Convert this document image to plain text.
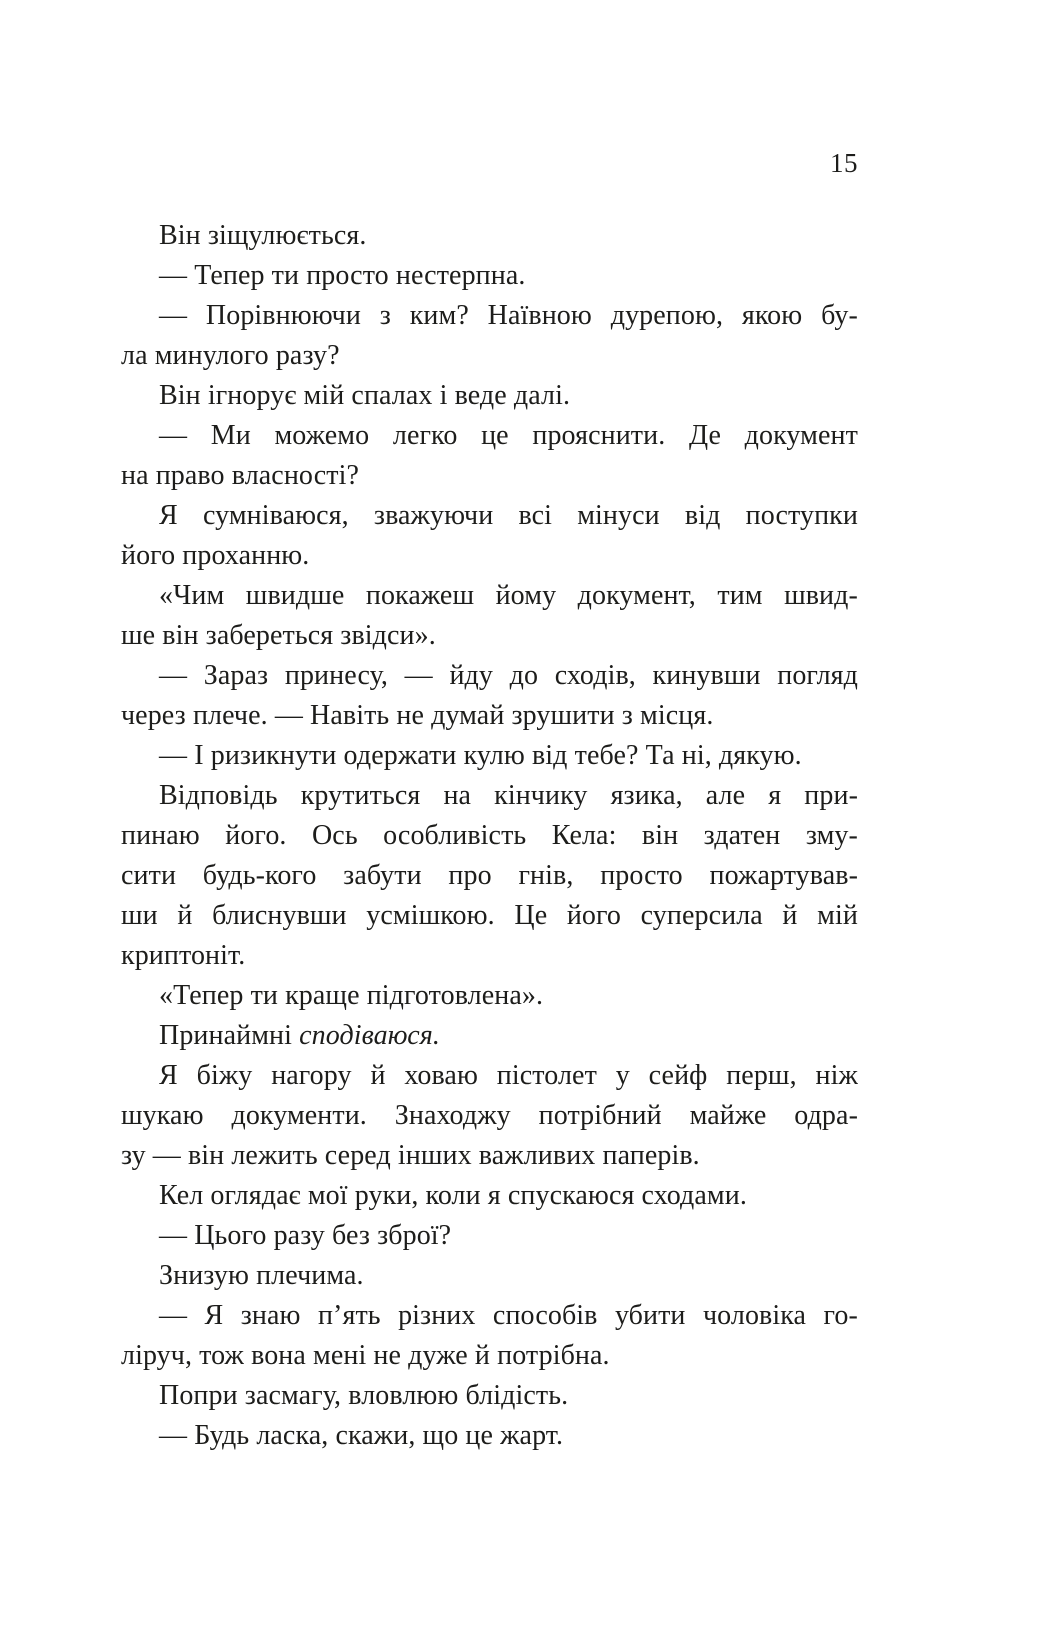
15
Він зіщулюється.
— Тепер ти просто нестерпна.
— Порівнюючи з ким? Наївною дурепою, якою бу-
ла минулого разу?
Він ігнорує мій спалах і веде далі.
— Ми можемо легко це прояснити. Де документ
на право власності?
Я сумніваюся, зважуючи всі мінуси від поступки
його проханню.
«Чим швидше покажеш йому документ, тим швид-
ше він забереться звідси».
— Зараз принесу, — йду до сходів, кинувши погляд
через плече. — Навіть не думай зрушити з місця.
— І ризикнути одержати кулю від тебе? Та ні, дякую.
Відповідь крутиться на кінчику язика, але я при-
пинаю його. Ось особливість Кела: він здатен зму-
сити будь-кого забути про гнів, просто пожартував-
ши й блиснувши усмішкою. Це його суперсила й мій
криптоніт.
«Тепер ти краще підготовлена».
Принаймні сподіваюся.
Я біжу нагору й ховаю пістолет у сейф перш, ніж
шукаю документи. Знаходжу потрібний майже одра-
зу — він лежить серед інших важливих паперів.
Кел оглядає мої руки, коли я спускаюся сходами.
— Цього разу без зброї?
Знизую плечима.
— Я знаю п’ять різних способів убити чоловіка го-
ліруч, тож вона мені не дуже й потрібна.
Попри засмагу, вловлюю блідість.
— Будь ласка, скажи, що це жарт.
